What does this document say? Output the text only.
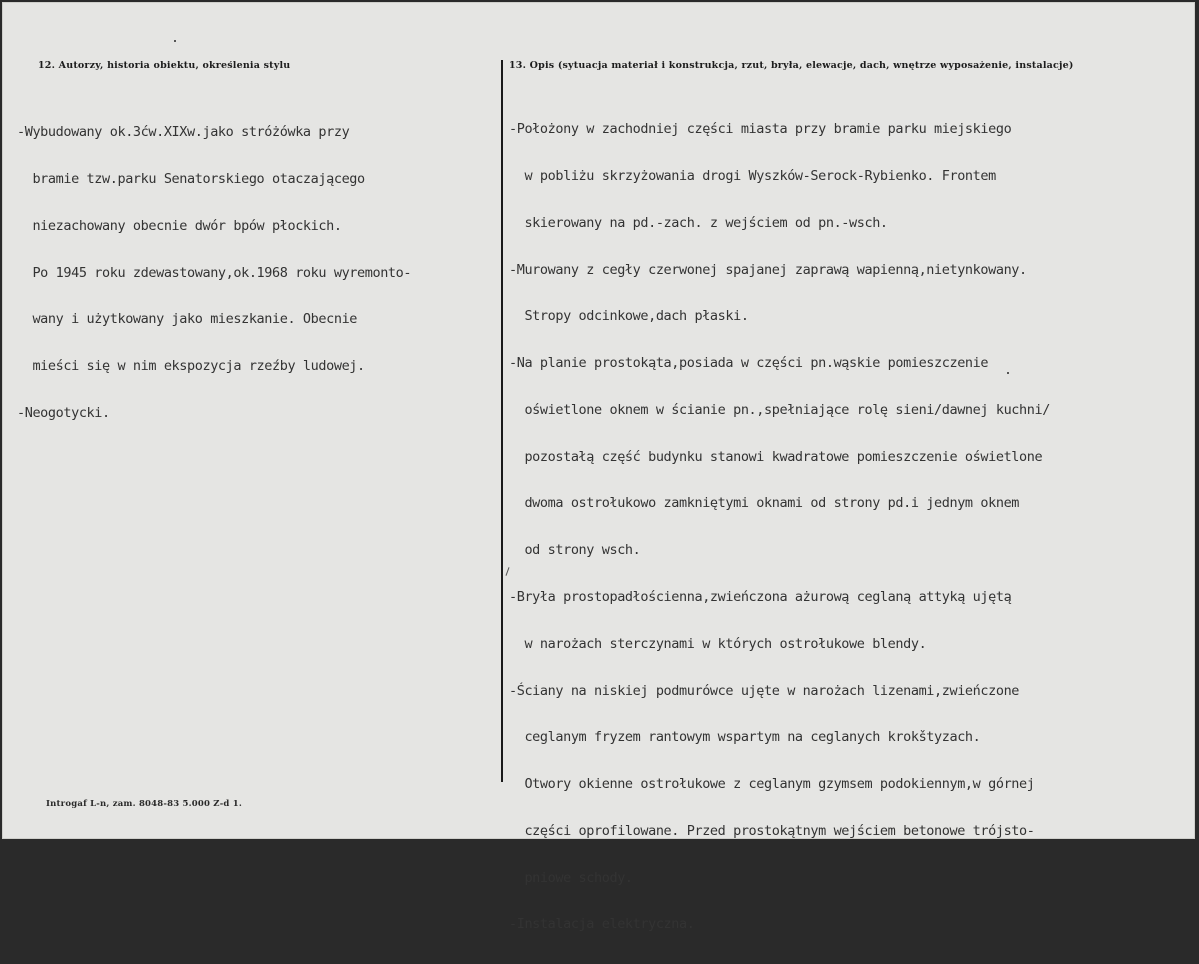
12. Autorzy, historia obiektu, określenia stylu	13. Opis (sytuacja materiał i konstrukcja, rzut, bryła, elewacje, dach, wnętrze wyposażenie, instalacje)

-Wybudowany ok.3ćw.XIXw.jako stróżówka przy

bramie tzw.parku Senatorskiego otaczającego

niezachowany obecnie dwór bpów płockich.

Po 1945 roku zdewastowany,ok.1968 roku wyremonto-

wany i użytkowany jako mieszkanie. Obecnie

mieści się w nim ekspozycja rzeźby ludowej.

-Neogotycki.

-Położony w zachodniej części miasta przy bramie parku miejskiego

w pobliżu skrzyżowania drogi Wyszków-Serock-Rybienko. Frontem

skierowany na pd.-zach. z wejściem od pn.-wsch.

-Murowany z cegły czerwonej spajanej zaprawą wapienną,nietynkowany.

Stropy odcinkowe,dach płaski.

-Na planie prostokąta,posiada w części pn.wąskie pomieszczenie

oświetlone oknem w ścianie pn.,spełniające rolę sieni/dawnej kuchni/

pozostałą część budynku stanowi kwadratowe pomieszczenie oświetlone

dwoma ostrołukowo zamkniętymi oknami od strony pd.i jednym oknem

od strony wsch.

-Bryła prostopadłościenna,zwieńczona ażurową ceglaną attyką ujętą

w narożach sterczynami w których ostrołukowe blendy.

-Ściany na niskiej podmurówce ujęte w narożach lizenami,zwieńczone

ceglanym fryzem rantowym wspartym na ceglanych krokštyzach.

Otwory okienne ostrołukowe z ceglanym gzymsem podokiennym,w górnej

części oprofilowane. Przed prostokątnym wejściem betonowe trójsto-

pniowe schody.

-Instalacja elektryczna.

Introgaf L-n, zam. 8048-83 5.000 Z-d 1.
